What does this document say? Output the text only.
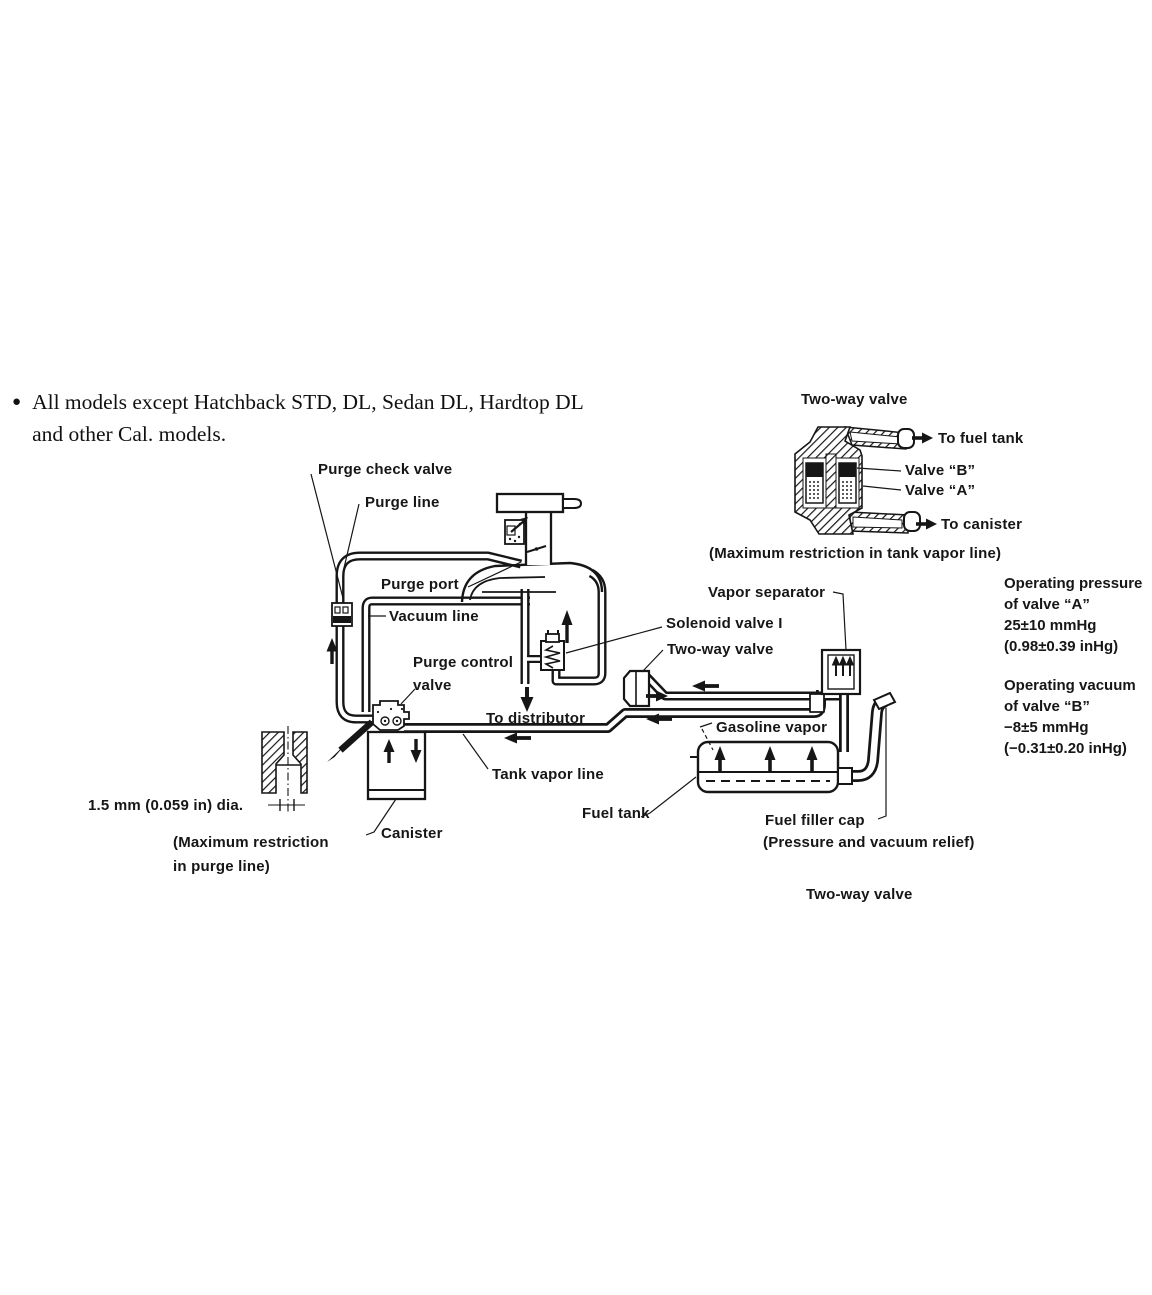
● All models except Hatchback STD, DL, Sedan DL, Hardtop DL
and other Cal. models.
Two-way valve
To fuel tank
Valve “B”
Valve “A”
To canister
(Maximum restriction in tank vapor line)
Operating pressure
of valve “A”
25±10 mmHg
(0.98±0.39 inHg)
Operating vacuum
of valve “B”
−8±5 mmHg
(−0.31±0.20 inHg)
Purge check valve
Purge line
Purge port
Vacuum line
Purge control
valve
Solenoid valve I
Two-way valve
Vapor separator
To distributor
Gasoline vapor
Tank vapor line
Fuel tank
Canister
1.5 mm (0.059 in) dia.
(Maximum restriction
in purge line)
Fuel filler cap
(Pressure and vacuum relief)
Two-way valve
